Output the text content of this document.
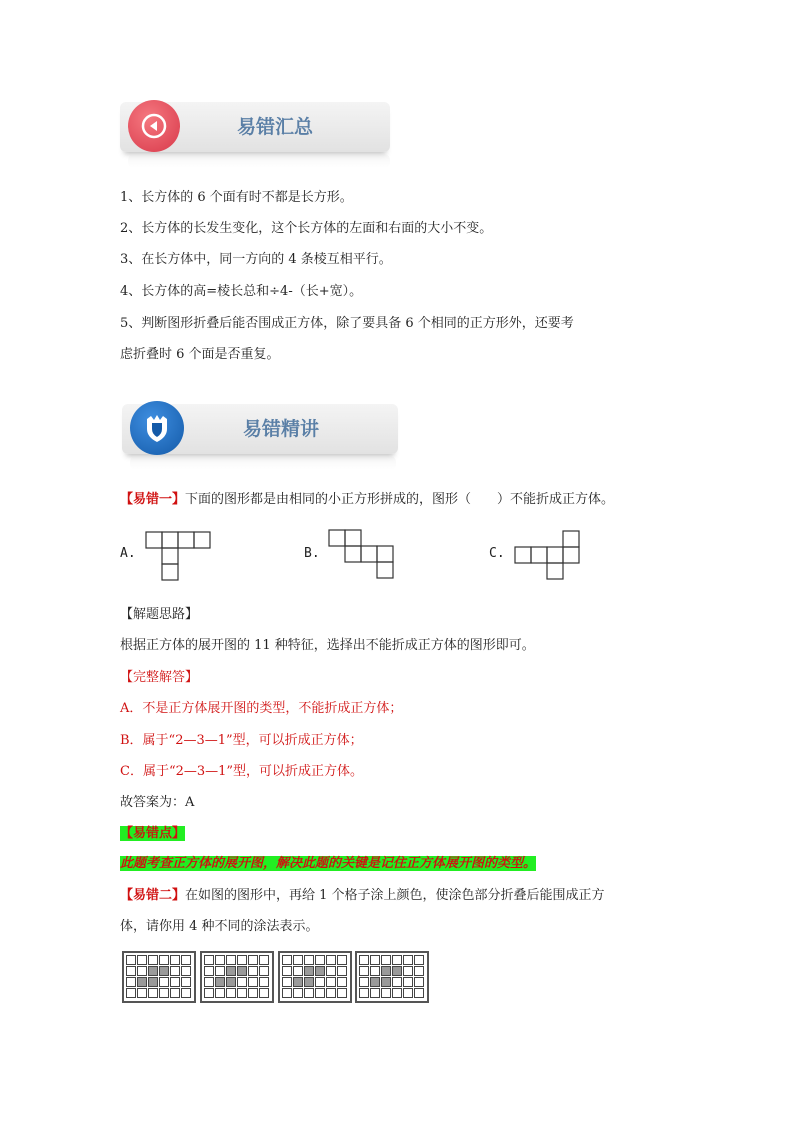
易错汇总
1、长方体的 6 个面有时不都是长方形。
2、长方体的长发生变化，这个长方体的左面和右面的大小不变。
3、在长方体中，同一方向的 4 条棱互相平行。
4、长方体的高=棱长总和÷4-（长+宽）。
5、判断图形折叠后能否围成正方体，除了要具备 6 个相同的正方形外，还要考
虑折叠时 6 个面是否重复。
易错精讲
【易错一】下面的图形都是由相同的小正方形拼成的，图形（　　）不能折成正方体。
A.	B.	C.
【解题思路】
根据正方体的展开图的 11 种特征，选择出不能折成正方体的图形即可。
【完整解答】
A．不是正方体展开图的类型，不能折成正方体；
B．属于“2—3—1”型，可以折成正方体；
C．属于“2—3—1”型，可以折成正方体。
故答案为：A
【易错点】
此题考查正方体的展开图，解决此题的关键是记住正方体展开图的类型。
【易错二】在如图的图形中，再给 1 个格子涂上颜色，使涂色部分折叠后能围成正方
体，请你用 4 种不同的涂法表示。
